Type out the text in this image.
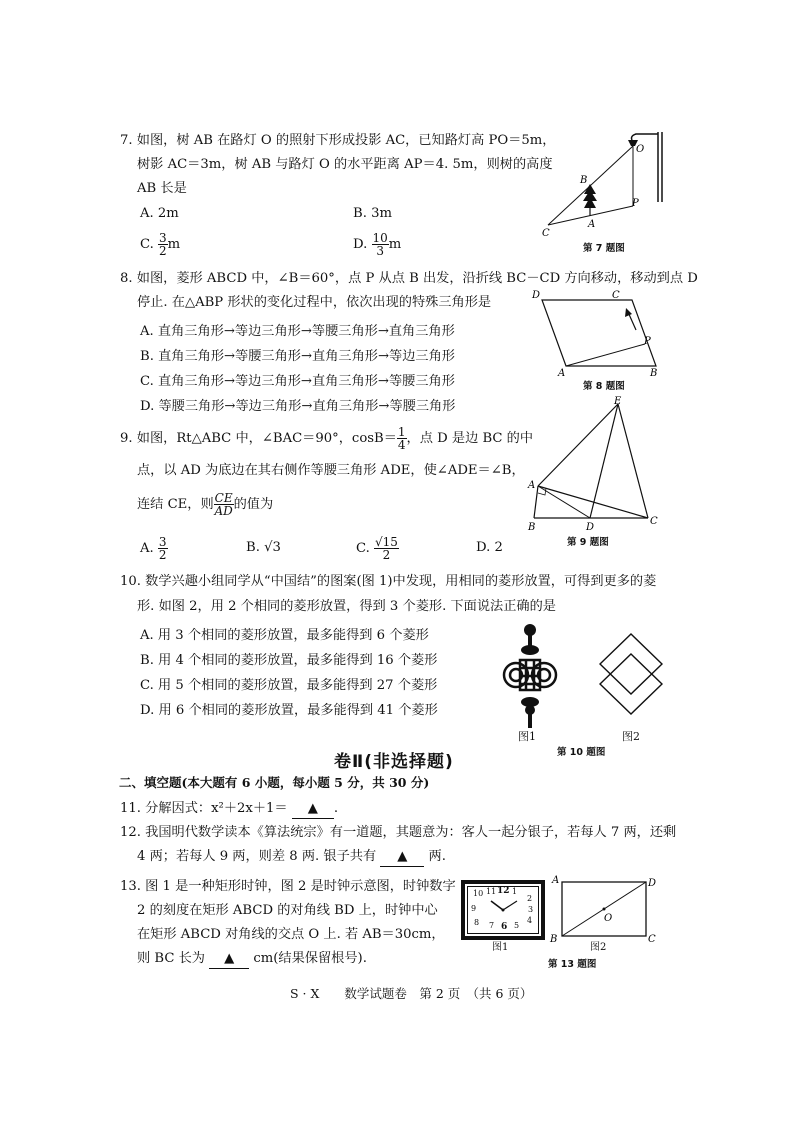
7. 如图，树 AB 在路灯 O 的照射下形成投影 AC，已知路灯高 PO＝5m，
树影 AC＝3m，树 AB 与路灯 O 的水平距离 AP＝4. 5m，则树的高度
AB 长是
A. 2m	B. 3m
C. $\frac{3}{2}$ m	D. $\frac{10}{3}$ m
O
B
P
A
C
第 7 题图
8. 如图，菱形 ABCD 中，∠B＝60°，点 P 从点 B 出发，沿折线 BC－CD 方向移动，移动到点 D
停止. 在△ABP 形状的变化过程中，依次出现的特殊三角形是
A. 直角三角形→等边三角形→等腰三角形→直角三角形
B. 直角三角形→等腰三角形→直角三角形→等边三角形
C. 直角三角形→等边三角形→直角三角形→等腰三角形
D. 等腰三角形→等边三角形→直角三角形→等腰三角形
D	C
P
A	B
第 8 题图
9. 如图，Rt△ABC 中，∠BAC＝90°，$\cos B= \frac{1}{4}$ ，点 D 是边 BC 的中
点，以 AD 为底边在其右侧作等腰三角形 ADE，使∠ADE＝∠B，
连结 CE，则 $\frac{CE}{AD}$ 的值为
A. $\frac{3}{2}$	B. √3	C. $\frac{√15}{2}$	D. 2
E
A
B	D
C
第 9 题图
10. 数学兴趣小组同学从“中国结”的图案(图 1)中发现，用相同的菱形放置，可得到更多的菱
形. 如图 2，用 2 个相同的菱形放置，得到 3 个菱形. 下面说法正确的是
A. 用 3 个相同的菱形放置，最多能得到 6 个菱形
B. 用 4 个相同的菱形放置，最多能得到 16 个菱形
C. 用 5 个相同的菱形放置，最多能得到 27 个菱形
D. 用 6 个相同的菱形放置，最多能得到 41 个菱形
图1	图2
第 10 题图
卷Ⅱ(非选择题)
二、填空题(本大题有 6 小题，每小题 5 分，共 30 分)
11. 分解因式：x²＋2x＋1＝ ▲ .
12. 我国明代数学读本《算法统宗》有一道题，其题意为：客人一起分银子，若每人 7 两，还剩
4 两；若每人 9 两，则差 8 两. 银子共有 ▲ 两.
13. 图 1 是一种矩形时钟，图 2 是时钟示意图，时钟数字
2 的刻度在矩形 ABCD 的对角线 BD 上，时钟中心
在矩形 ABCD 对角线的交点 O 上. 若 AB＝30cm，
则 BC 长为 ▲ cm(结果保留根号).
10 11 12 1
2
9	3
8 7 6 5
4
图1
A	D
O
B	C
图2
第 13 题图
S · X　　数学试题卷　第 2 页　（共 6 页）
